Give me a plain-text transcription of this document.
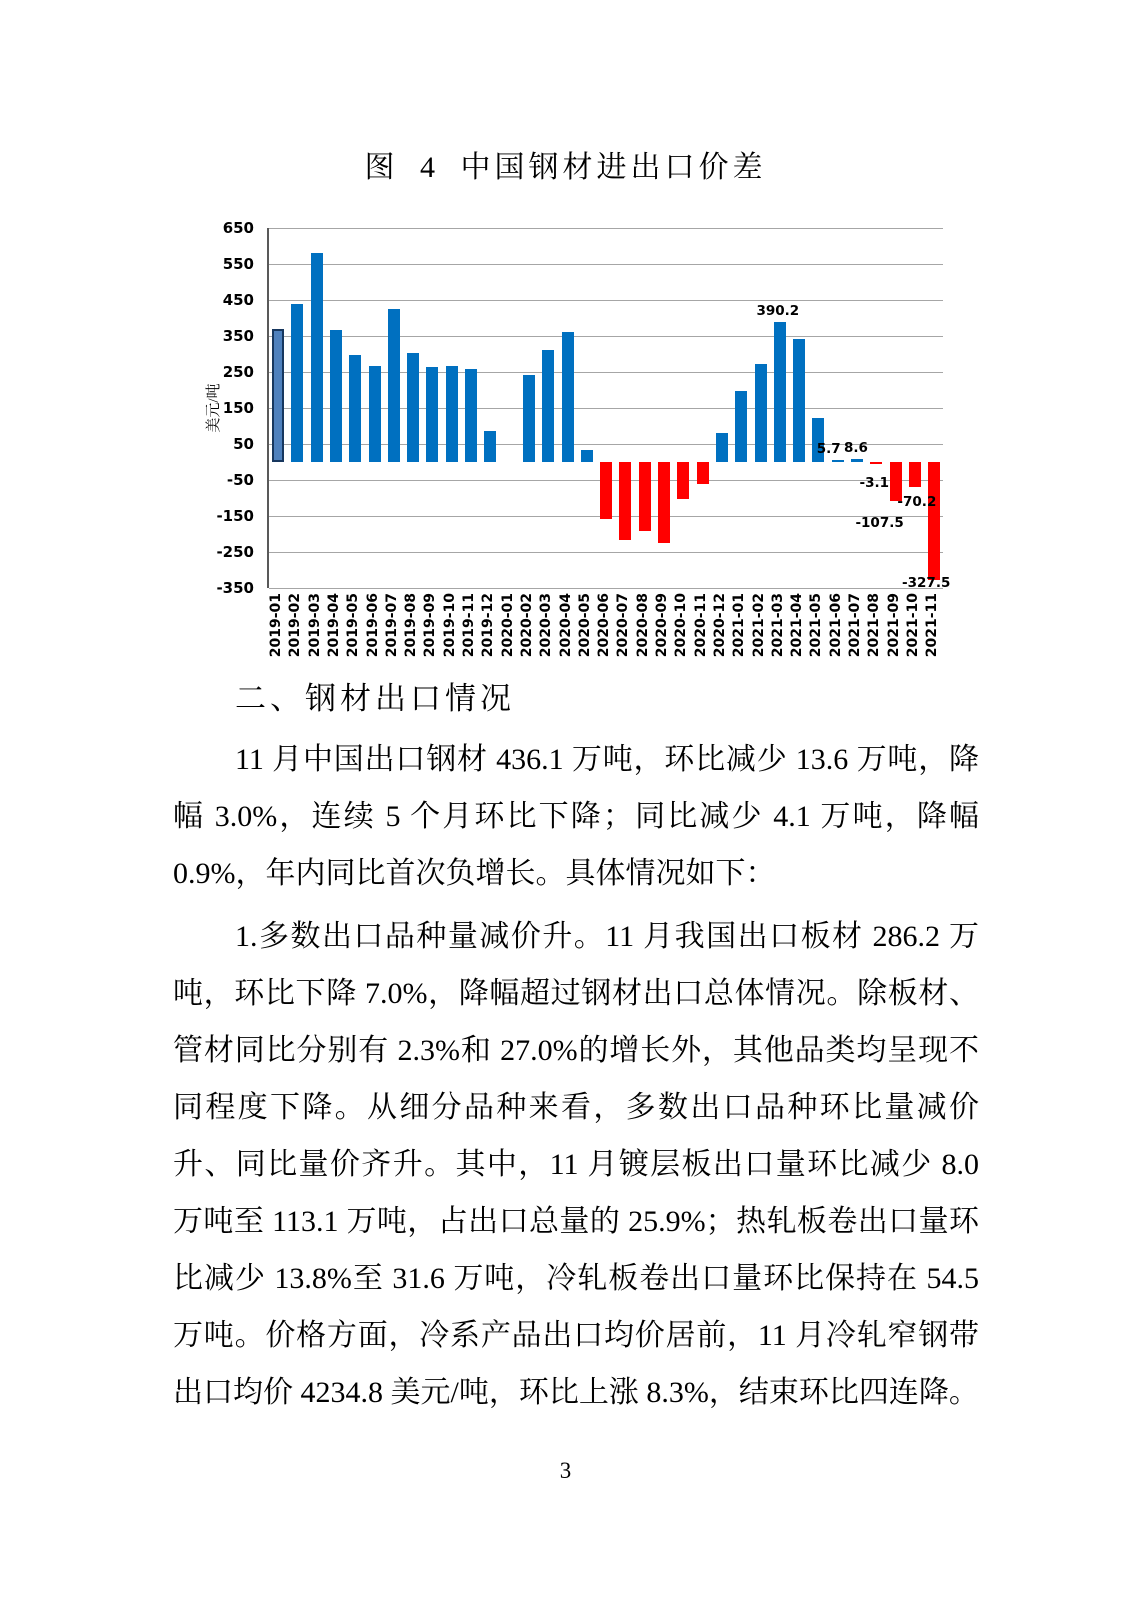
图 4 中国钢材进出口价差
美元/吨
650
550
450
350
250
150
50
-50
-150
-250
-350
2019-01 2019-02 2019-03 2019-04 2019-05 2019-06 2019-07 2019-08 2019-09 2019-10 2019-11 2019-12 2020-01 2020-02 2020-03 2020-04 2020-05 2020-06 2020-07 2020-08 2020-09 2020-10 2020-11 2020-12 2021-01 2021-02 2021-03 2021-04 2021-05 2021-06 2021-07 2021-08 2021-09 2021-10 2021-11
390.2
5.7 8.6
-3.1
-107.5
-70.2
-327.5
二、钢材出口情况

11 月中国出口钢材 436.1 万吨，环比减少 13.6 万吨，降幅 3.0%，连续 5 个月环比下降；同比减少 4.1 万吨，降幅 0.9%，年内同比首次负增长。具体情况如下：

1.多数出口品种量减价升。11 月我国出口板材 286.2 万吨，环比下降 7.0%，降幅超过钢材出口总体情况。除板材、管材同比分别有 2.3%和 27.0%的增长外，其他品类均呈现不同程度下降。从细分品种来看，多数出口品种环比量减价升、同比量价齐升。其中，11 月镀层板出口量环比减少 8.0 万吨至 113.1 万吨，占出口总量的 25.9%；热轧板卷出口量环比减少 13.8%至 31.6 万吨，冷轧板卷出口量环比保持在 54.5 万吨。价格方面，冷系产品出口均价居前，11 月冷轧窄钢带出口均价 4234.8 美元/吨，环比上涨 8.3%，结束环比四连降。

3
